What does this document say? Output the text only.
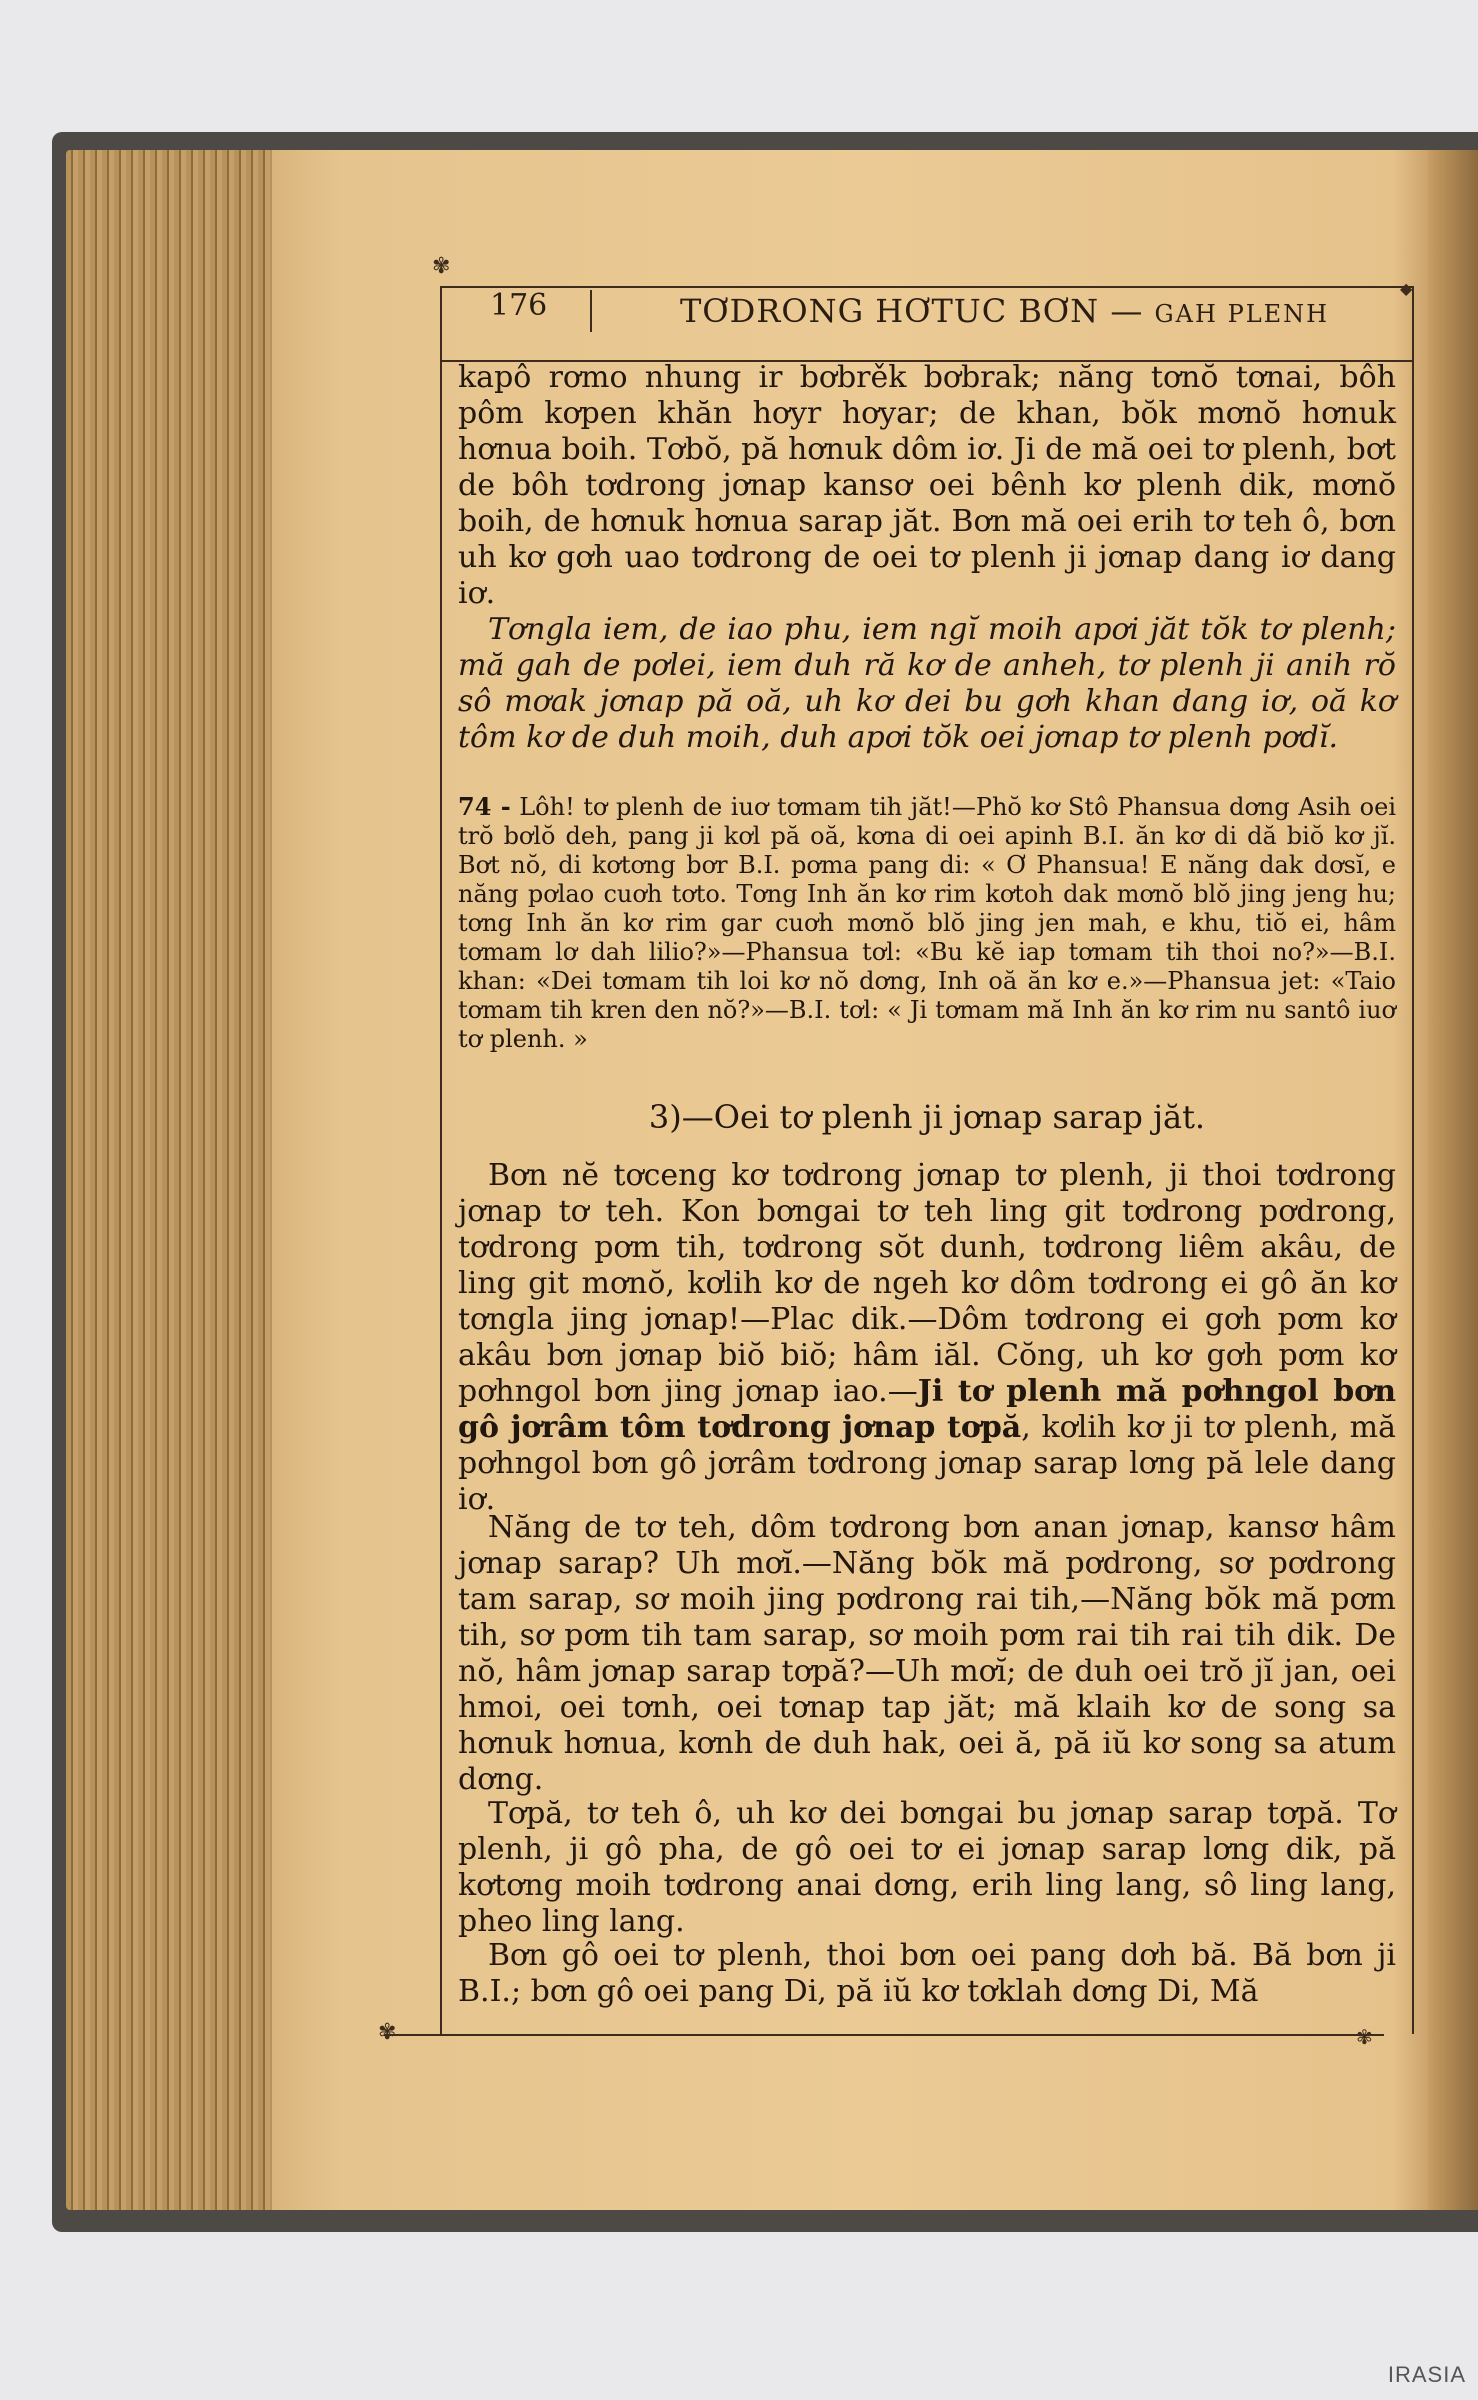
✾
◆
✾	✾
176	TƠDRONG HƠTUC BƠN — GAH PLENH

kapô rơmo nhung ir bơbrěk bơbrak; năng tơnŏ tơnai, bôh pôm kơpen khăn hơyr hơyar; de khan, bŏk mơnŏ hơnuk hơnua boih. Tơbŏ, pă hơnuk dôm iơ. Ji de mă oei tơ plenh, bơt de bôh tơdrong jơnap kansơ oei bênh kơ plenh dik, mơnŏ boih, de hơnuk hơnua sarap jăt. Bơn mă oei erih tơ teh ô, bơn uh kơ gơh uao tơdrong de oei tơ plenh ji jơnap dang iơ dang iơ.

Tơngla iem, de iao phu, iem ngĭ moih apơi jăt tŏk tơ plenh; mă gah de pơlei, iem duh ră kơ de anheh, tơ plenh ji anih rŏ sô mơak jơnap pă oă, uh kơ dei bu gơh khan dang iơ, oă kơ tôm kơ de duh moih, duh apơi tŏk oei jơnap tơ plenh pơdĭ.

74 - Lôh! tơ plenh de iuơ tơmam tih jăt!—Phŏ kơ Stô Phansua dơng Asih oei trŏ bơlŏ deh, pang ji kơl pă oă, kơna di oei apinh B.I. ăn kơ di dă biŏ kơ jĭ. Bơt nŏ, di kơtơng bơr B.I. pơma pang di: « Ơ Phansua! E năng dak dơsĭ, e năng pơlao cuơh tơto. Tơng Inh ăn kơ rim kơtoh dak mơnŏ blŏ jing jeng hu; tơng Inh ăn kơ rim gar cuơh mơnŏ blŏ jing jen mah, e khu, tiŏ ei, hâm tơmam lơ dah lilio?»—Phansua tơl: «Bu kĕ iap tơmam tih thoi no?»—B.I. khan: «Dei tơmam tih loi kơ nŏ dơng, Inh oă ăn kơ e.»—Phansua jet: «Taio tơmam tih kren den nŏ?»—B.I. tơl: « Ji tơmam mă Inh ăn kơ rim nu santô iuơ tơ plenh. »

3)—Oei tơ plenh ji jơnap sarap jăt.

Bơn nĕ tơceng kơ tơdrong jơnap tơ plenh, ji thoi tơdrong jơnap tơ teh. Kon bơngai tơ teh ling git tơdrong pơdrong, tơdrong pơm tih, tơdrong sŏt dunh, tơdrong liêm akâu, de ling git mơnŏ, kơlih kơ de ngeh kơ dôm tơdrong ei gô ăn kơ tơngla jing jơnap!—Plac dik.—Dôm tơdrong ei gơh pơm kơ akâu bơn jơnap biŏ biŏ; hâm iăl. Cŏng, uh kơ gơh pơm kơ pơhngol bơn jing jơnap iao.—Ji tơ plenh mă pơhngol bơn gô jơrâm tôm tơdrong jơnap tơpă, kơlih kơ ji tơ plenh, mă pơhngol bơn gô jơrâm tơdrong jơnap sarap lơng pă lele dang iơ.

Năng de tơ teh, dôm tơdrong bơn anan jơnap, kansơ hâm jơnap sarap? Uh mơĭ.—Năng bŏk mă pơdrong, sơ pơdrong tam sarap, sơ moih jing pơdrong rai tih,—Năng bŏk mă pơm tih, sơ pơm tih tam sarap, sơ moih pơm rai tih rai tih dik. De nŏ, hâm jơnap sarap tơpă?—Uh mơĭ; de duh oei trŏ jĭ jan, oei hmoi, oei tơnh, oei tơnap tap jăt; mă klaih kơ de song sa hơnuk hơnua, kơnh de duh hak, oei ă, pă iŭ kơ song sa atum dơng.

Tơpă, tơ teh ô, uh kơ dei bơngai bu jơnap sarap tơpă. Tơ plenh, ji gô pha, de gô oei tơ ei jơnap sarap lơng dik, pă kơtơng moih tơdrong anai dơng, erih ling lang, sô ling lang, pheo ling lang.

Bơn gô oei tơ plenh, thoi bơn oei pang dơh bă. Bă bơn ji B.I.; bơn gô oei pang Di, pă iŭ kơ tơklah dơng Di, Mă

IRASIA
